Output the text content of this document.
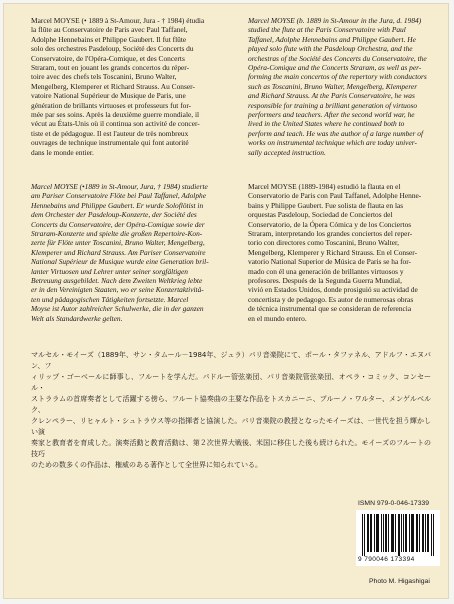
Marcel MOYSE (• 1889 à St-Amour, Jura - † 1984) étudia
la flûte au Conservatoire de Paris avec Paul Taffanel,
Adolphe Hennebains et Philippe Gaubert. Il fut flûte
solo des orchestres Pasdeloup, Société des Concerts du
Conservatoire, de l'Opéra-Comique, et des Concerts
Straram, tout en jouant les grands concertos du réper-
toire avec des chefs tels Toscanini, Bruno Walter,
Mengelberg, Klemperer et Richard Strauss. Au Conser-
vatoire National Supérieur de Musique de Paris, une
génération de brillants virtuoses et professeurs fut for-
mée par ses soins. Après la deuxième guerre mondiale, il
vécut au États-Unis où il continua son activité de concer-
tiste et de pédagogue. Il est l'auteur de très nombreux
ouvrages de technique instrumentale qui font autorité
dans le monde entier.

Marcel MOYSE (b. 1889 in St-Amour in the Jura, d. 1984)
studied the flute at the Paris Conservatoire with Paul
Taffanel, Adolphe Hennebains and Philippe Gaubert. He
played solo flute with the Pasdeloup Orchestra, and the
orchestras of the Société des Concerts du Conservatoire, the
Opéra-Comique and the Concerts Straram, as well as per-
forming the main concertos of the repertory with conductors
such as Toscanini, Bruno Walter, Mengelberg, Klemperer
and Richard Strauss. At the Paris Conservatoire, he was
responsible for training a brilliant generation of virtuoso
performers and teachers. After the second world war, he
lived in the United States where he continued both to
perform and teach. He was the author of a large number of
works on instrumental technique which are today univer-
sally accepted instruction.

Marcel MOYSE (•1889 in St-Amour, Jura, † 1984) studierte
am Pariser Conservatoire Flöte bei Paul Taffanel, Adolphe
Hennebains und Philippe Gaubert. Er wurde Soloflötist in
dem Orchester der Pasdeloup-Konzerte, der Société des
Concerts du Conservatoire, der Opéra-Comique sowie der
Straram-Konzerte und spielte die großen Repertoire-Kon-
zerte für Flöte unter Toscanini, Bruno Walter, Mengelberg,
Klemperer und Richard Strauss. Am Pariser Conservatoire
National Supérieur de Musique wurde eine Generation bril-
lanter Virtuosen und Lehrer unter seiner sorgfältigen
Betreuung ausgebildet. Nach dem Zweiten Weltkrieg lebte
er in den Vereinigten Staaten, wo er seine Konzertaktivitä-
ten und pädagogischen Tätigkeiten fortsetzte. Marcel
Moyse ist Autor zahlreicher Schulwerke, die in der ganzen
Welt als Standardwerke gelten.

Marcel MOYSE (1889-1984) estudió la flauta en el
Conservatorio de Paris con Paul Taffanel, Adolphe Henne-
bains y Philippe Gaubert. Fue solista de flauta en las
orquestas Pasdeloup, Sociedad de Conciertos del
Conservatorio, de la Ópera Cómica y de los Conciertos
Straram, interpretando los grandes conciertos del reper-
torio con directores como Toscanini, Bruno Walter,
Mengelberg, Klemperer y Richard Strauss. En el Conser-
vatorio National Superior de Música de Paris se ha for-
mado con él una generación de brillantes virtuosos y
profesores. Después de la Segunda Guerra Mundial,
vivió en Estados Unidos, donde prosiguió su actividad de
concertista y de pedagogo. Es autor de numerosas obras
de técnica instrumental que se consideran de referencia
en el mundo entero.

マルセル・モイーズ（1889年、サン・タムール－1984年、ジュラ）パリ音楽院にて、ポール・タファネル、アドルフ・エヌバン、フ
ィリップ・ゴーベールに師事し、フルートを学んだ。パドルー管弦楽団、パリ音楽院管弦楽団、オペラ・コミック、コンセール・
ストララムの首席奏者として活躍する傍ら、フルート協奏曲の主要な作品をトスカニーニ、ブルーノ・ワルター、メンゲルベルク、
クレンペラー、リヒャルト・シュトラウス等の指揮者と協演した。パリ音楽院の教授となったモイーズは、一世代を担う輝かしい演
奏家と教育者を育成した。演奏活動と教育活動は、第２次世界大戦後、米国に移住した後も続けられた。モイーズのフルートの技巧
のための数多くの作品は、権威のある著作として全世界に知られている。

ISMN 979-0-046-17339
9 790046 173394
Photo M. Higashigai
